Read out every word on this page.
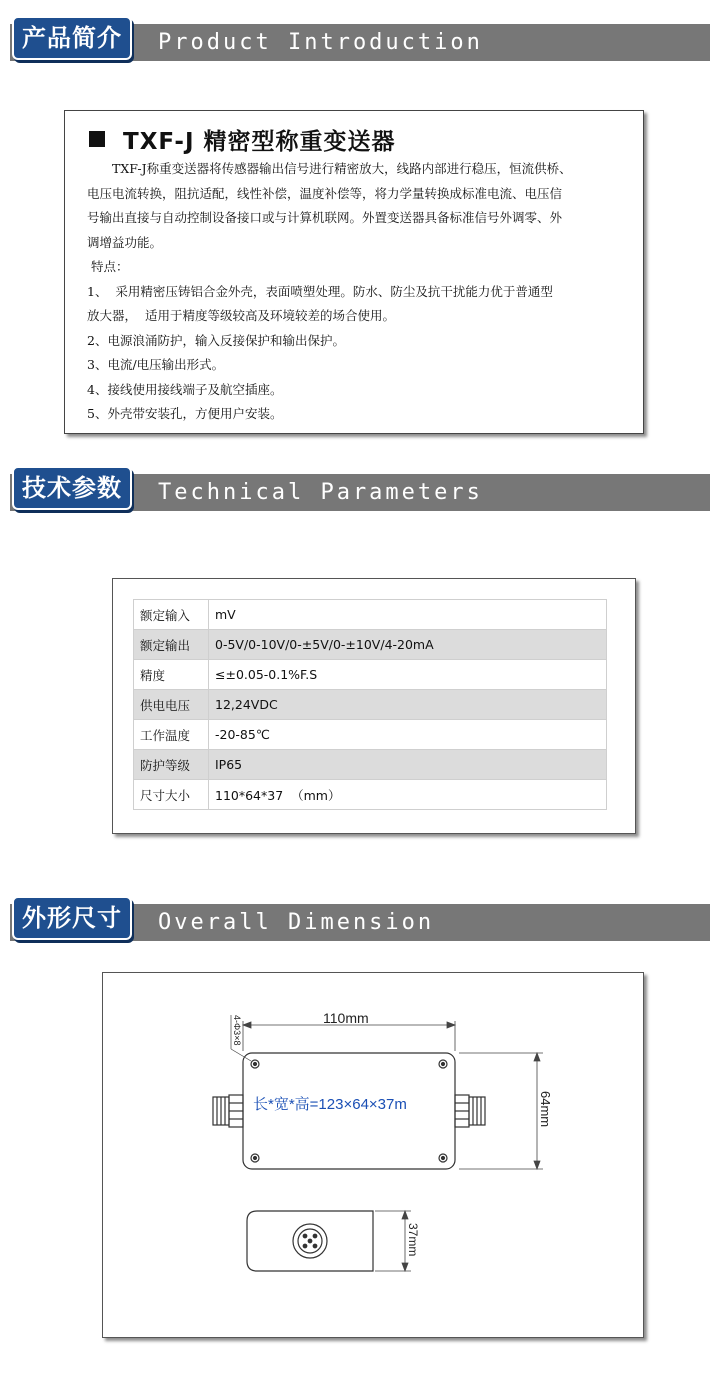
Product Introduction
产品简介
TXF-J 精密型称重变送器

TXF-J称重变送器将传感器输出信号进行精密放大，线路内部进行稳压，恒流供桥、

电压电流转换，阻抗适配，线性补偿，温度补偿等，将力学量转换成标准电流、电压信

号输出直接与自动控制设备接口或与计算机联网。外置变送器具备标准信号外调零、外

调增益功能。

特点：

1、  采用精密压铸铝合金外壳，表面喷塑处理。防水、防尘及抗干扰能力优于普通型

放大器，  适用于精度等级较高及环境较差的场合使用。

2、电源浪涌防护，输入反接保护和输出保护。

3、电流/电压输出形式。

4、接线使用接线端子及航空插座。

5、外壳带安装孔，方便用户安装。

Technical Parameters
技术参数
额定输入	mV
额定输出	0-5V/0-10V/0-±5V/0-±10V/4-20mA
精度	≤±0.05-0.1%F.S
供电电压	12,24VDC
工作温度	-20-85℃
防护等级	IP65
尺寸大小	110*64*37  （mm）
Overall Dimension
外形尺寸
110mm
64mm
4-Φ3×8
长*宽*高=123×64×37m
37mm
